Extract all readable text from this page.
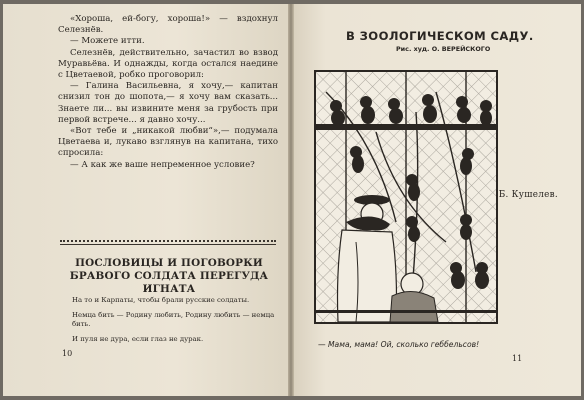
«Хороша, ей-богу, хороша!» — вздохнул Селезнёв.

— Можете итти.

Селезнёв, действительно, зачастил во взвод Муравьёва. И однажды, когда остался наедине с Цветаевой, робко проговорил:

— Галина Васильевна, я хочу,— капитан снизил тон до шопота,— я хочу вам сказать... Знаете ли... вы извините меня за грубость при первой встрече... я давно хочу...

«Вот тебе и „никакой любви“»,— подумала Цветаева и, лукаво взглянув на капитана, тихо спросила:

— А как же ваше непременное условие?

Б. Кушелев.
ПОСЛОВИЦЫ И ПОГОВОРКИ БРАВОГО СОЛДАТА ПЕРЕГУДА ИГНАТА

На то и Карпаты, чтобы брали русские солдаты.

Немца бить — Родину любить, Родину любить — немца бить.

И пуля не дура, если глаз не дурак.

10
В ЗООЛОГИЧЕСКОМ САДУ.
Рис. худ. О. ВЕРЕЙСКОГО
— Мама, мама! Ой, сколько геббельсов!
11
